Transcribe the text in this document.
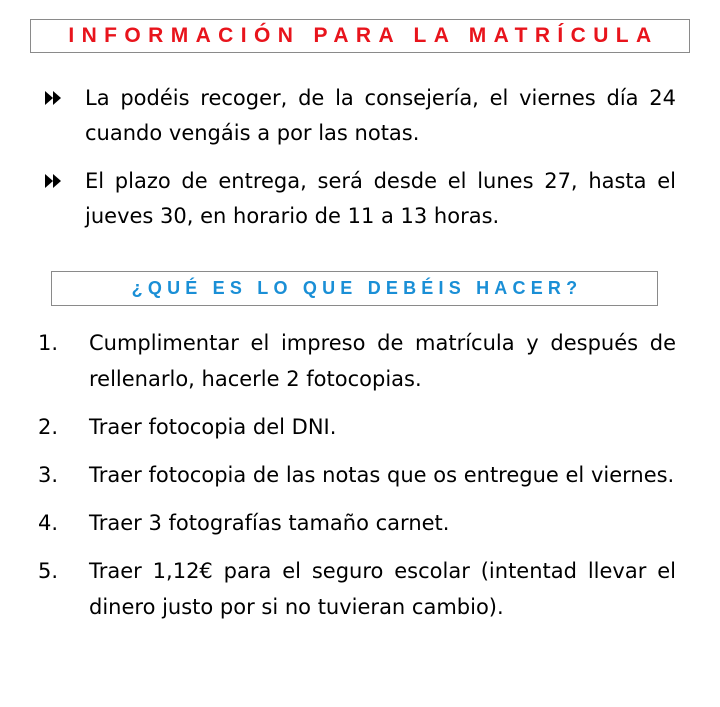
INFORMACIÓN PARA LA MATRÍCULA
La podéis recoger, de la consejería, el viernes día 24 cuando vengáis a por las notas.
El plazo de entrega, será desde el lunes 27, hasta el jueves 30, en horario de 11 a 13 horas.
¿QUÉ ES LO QUE DEBÉIS HACER?
1. Cumplimentar el impreso de matrícula y después de rellenarlo, hacerle 2 fotocopias.
2. Traer fotocopia del DNI.
3. Traer fotocopia de las notas que os entregue el viernes.
4. Traer 3 fotografías tamaño carnet.
5. Traer 1,12€ para el seguro escolar (intentad llevar el dinero justo por si no tuvieran cambio).
